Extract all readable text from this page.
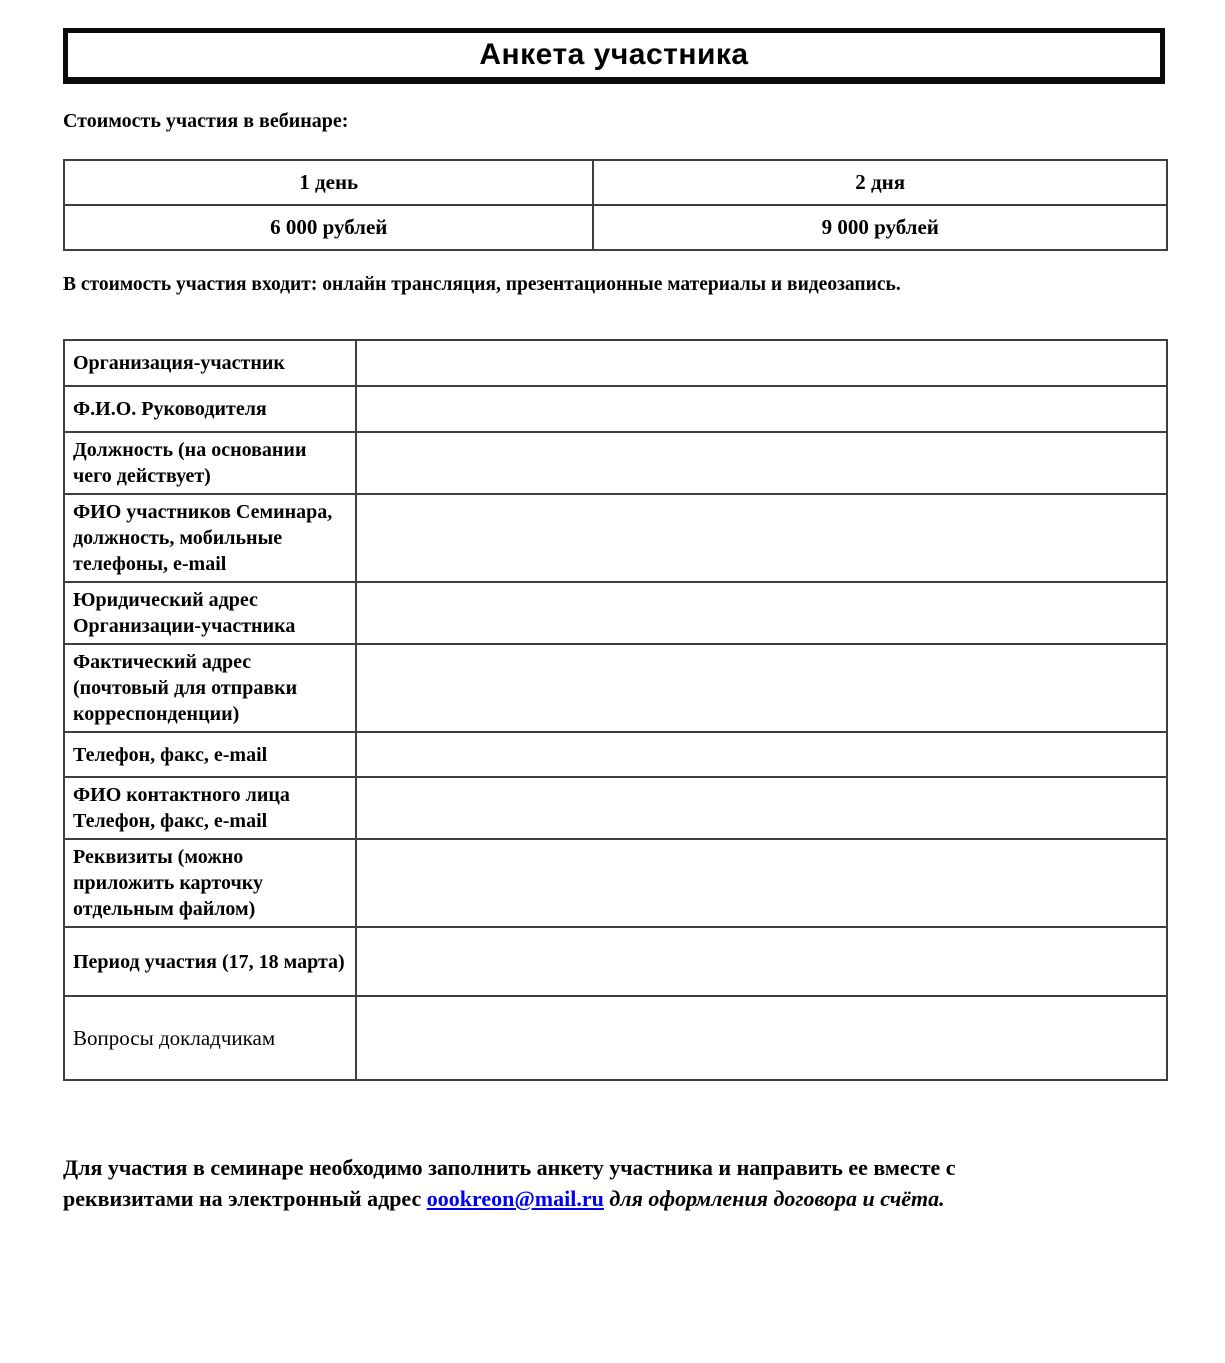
Анкета участника
Стоимость участия в вебинаре:
1 день	2 дня
6 000 рублей	9 000 рублей
В стоимость участия входит: онлайн трансляция, презентационные материалы и видеозапись.
Организация-участник	
Ф.И.О. Руководителя	
Должность (на основании чего действует)	
ФИО участников Семинара, должность, мобильные телефоны, e-mail	
Юридический адрес Организации-участника	
Фактический адрес (почтовый для отправки корреспонденции)	
Телефон, факс, e-mail	
ФИО контактного лица Телефон, факс, e-mail	
Реквизиты (можно приложить карточку отдельным файлом)	
Период участия (17, 18 марта)	
Вопросы докладчикам	
Для участия в семинаре необходимо заполнить анкету участника и направить ее вместе с реквизитами на электронный адрес oookreon@mail.ru для оформления договора и счёта.
